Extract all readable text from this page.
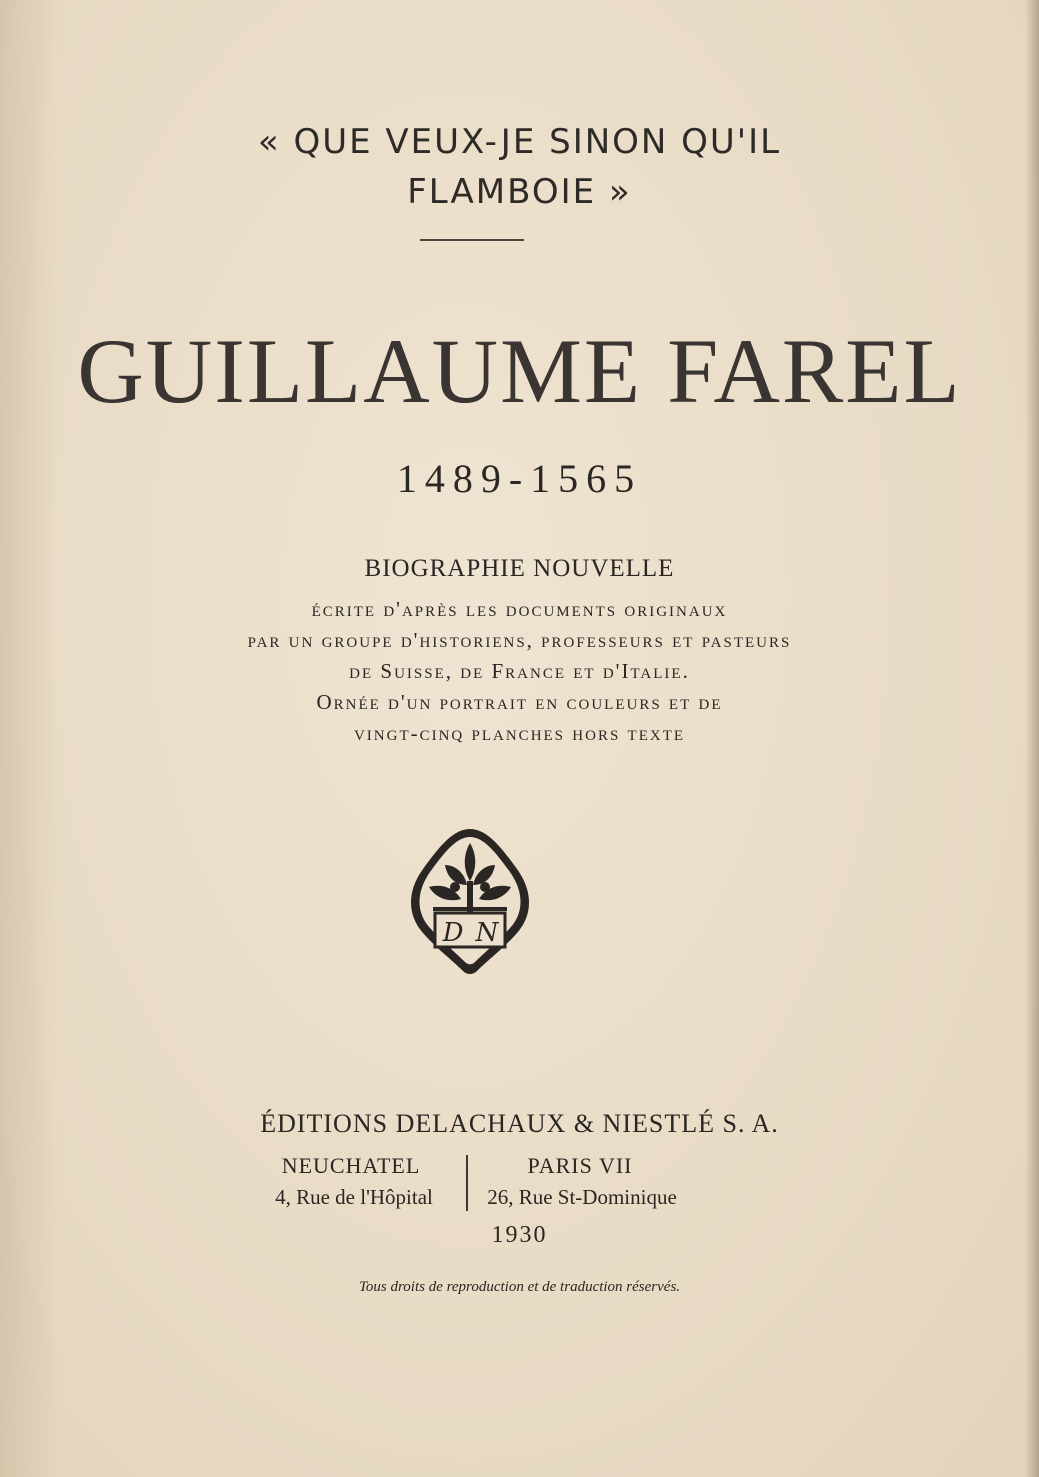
« QUE VEUX-JE SINON QU'IL
FLAMBOIE »
GUILLAUME FAREL
1489-1565
BIOGRAPHIE NOUVELLE
écrite d'après les documents originaux
par un groupe d'historiens, professeurs et pasteurs
de Suisse, de France et d'Italie.
Ornée d'un portrait en couleurs et de
vingt-cinq planches hors texte
D N
ÉDITIONS DELACHAUX & NIESTLÉ S. A.
NEUCHATEL
4, Rue de l'Hôpital
PARIS VII
26, Rue St-Dominique
1930
Tous droits de reproduction et de traduction réservés.
